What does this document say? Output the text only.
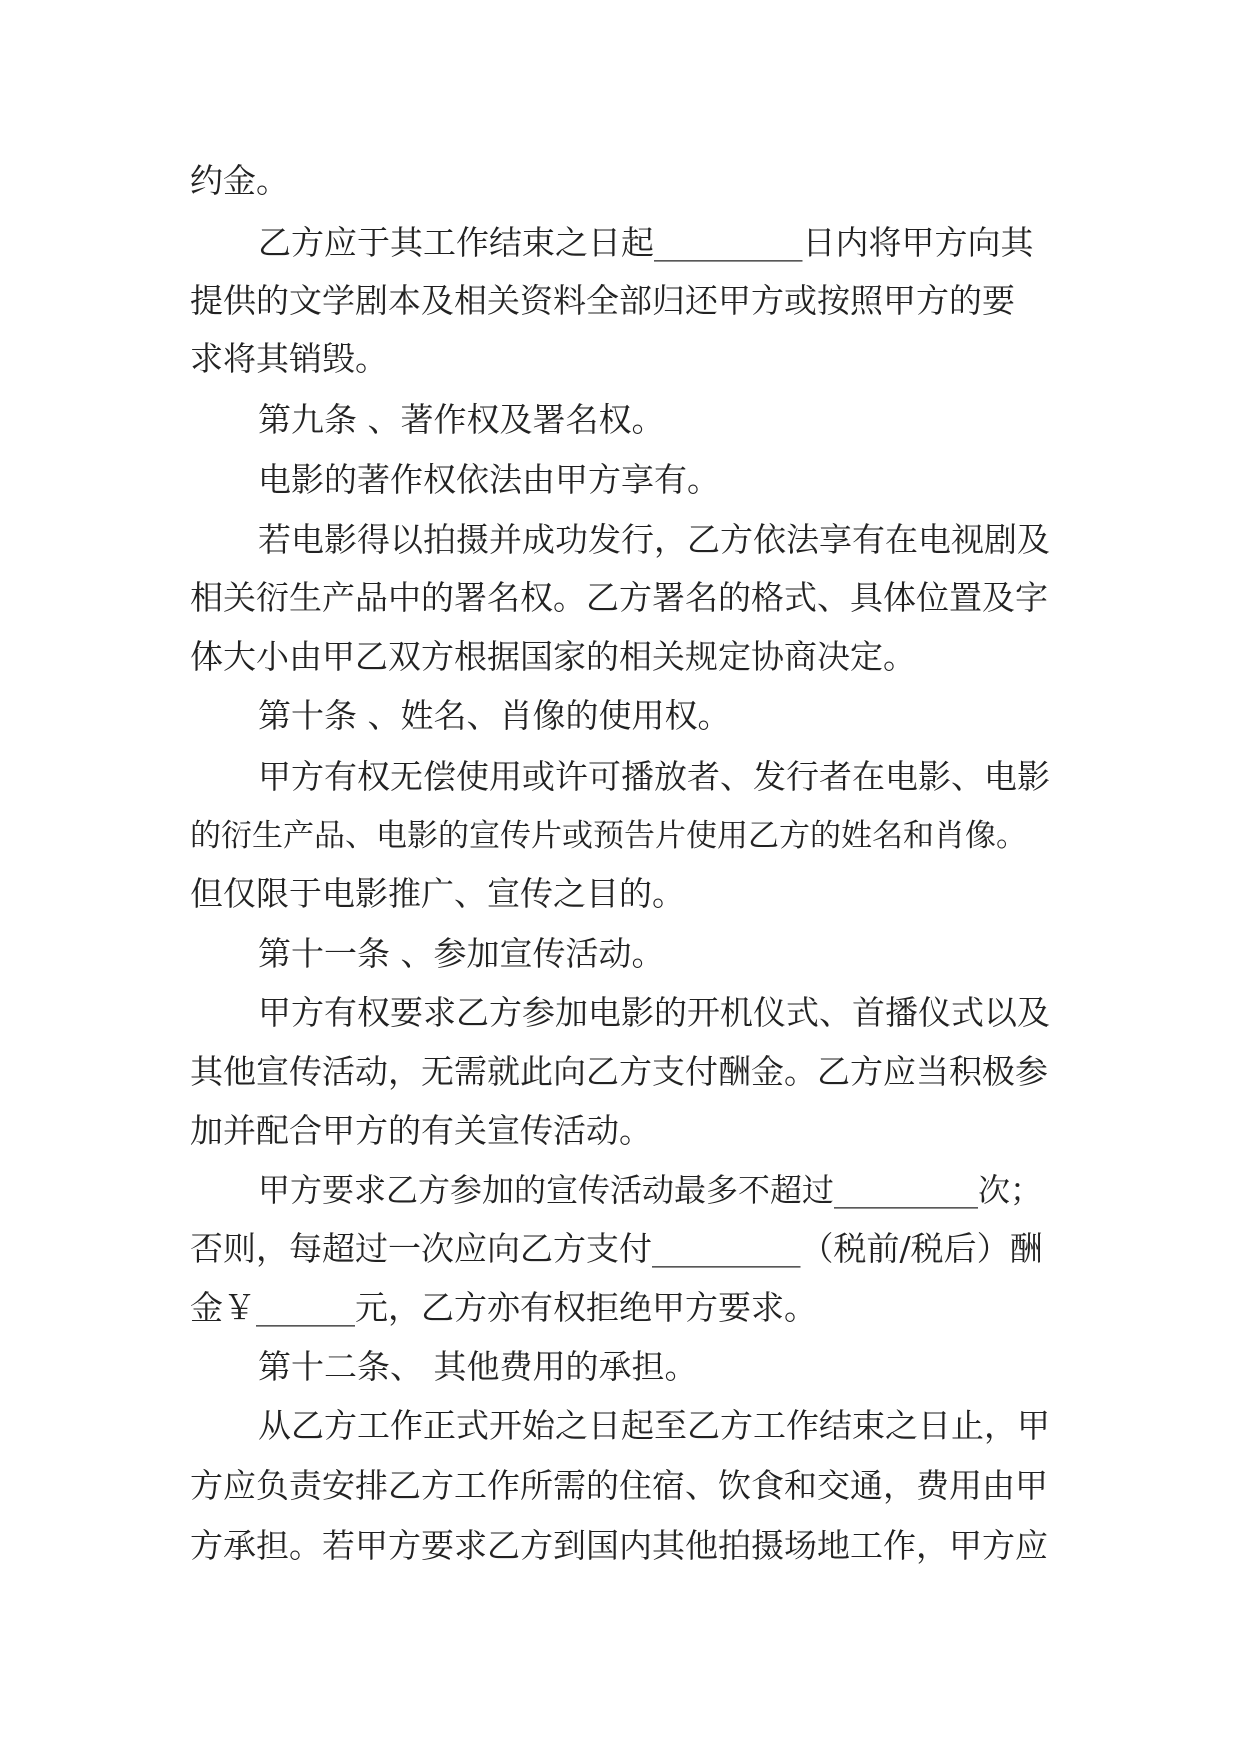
约金。
乙方应于其工作结束之日起_________日内将甲方向其
提供的文学剧本及相关资料全部归还甲方或按照甲方的要
求将其销毁。
第九条 、著作权及署名权。
电影的著作权依法由甲方享有。
若电影得以拍摄并成功发行，乙方依法享有在电视剧及
相关衍生产品中的署名权。乙方署名的格式、具体位置及字
体大小由甲乙双方根据国家的相关规定协商决定。
第十条 、姓名、肖像的使用权。
甲方有权无偿使用或许可播放者、发行者在电影、电影
的衍生产品、电影的宣传片或预告片使用乙方的姓名和肖像。
但仅限于电影推广、宣传之目的。
第十一条 、参加宣传活动。
甲方有权要求乙方参加电影的开机仪式、首播仪式以及
其他宣传活动，无需就此向乙方支付酬金。乙方应当积极参
加并配合甲方的有关宣传活动。
甲方要求乙方参加的宣传活动最多不超过_________次；
否则，每超过一次应向乙方支付_________（税前/税后）酬
金￥______元，乙方亦有权拒绝甲方要求。
第十二条、 其他费用的承担。
从乙方工作正式开始之日起至乙方工作结束之日止，甲
方应负责安排乙方工作所需的住宿、饮食和交通，费用由甲
方承担。若甲方要求乙方到国内其他拍摄场地工作，甲方应
